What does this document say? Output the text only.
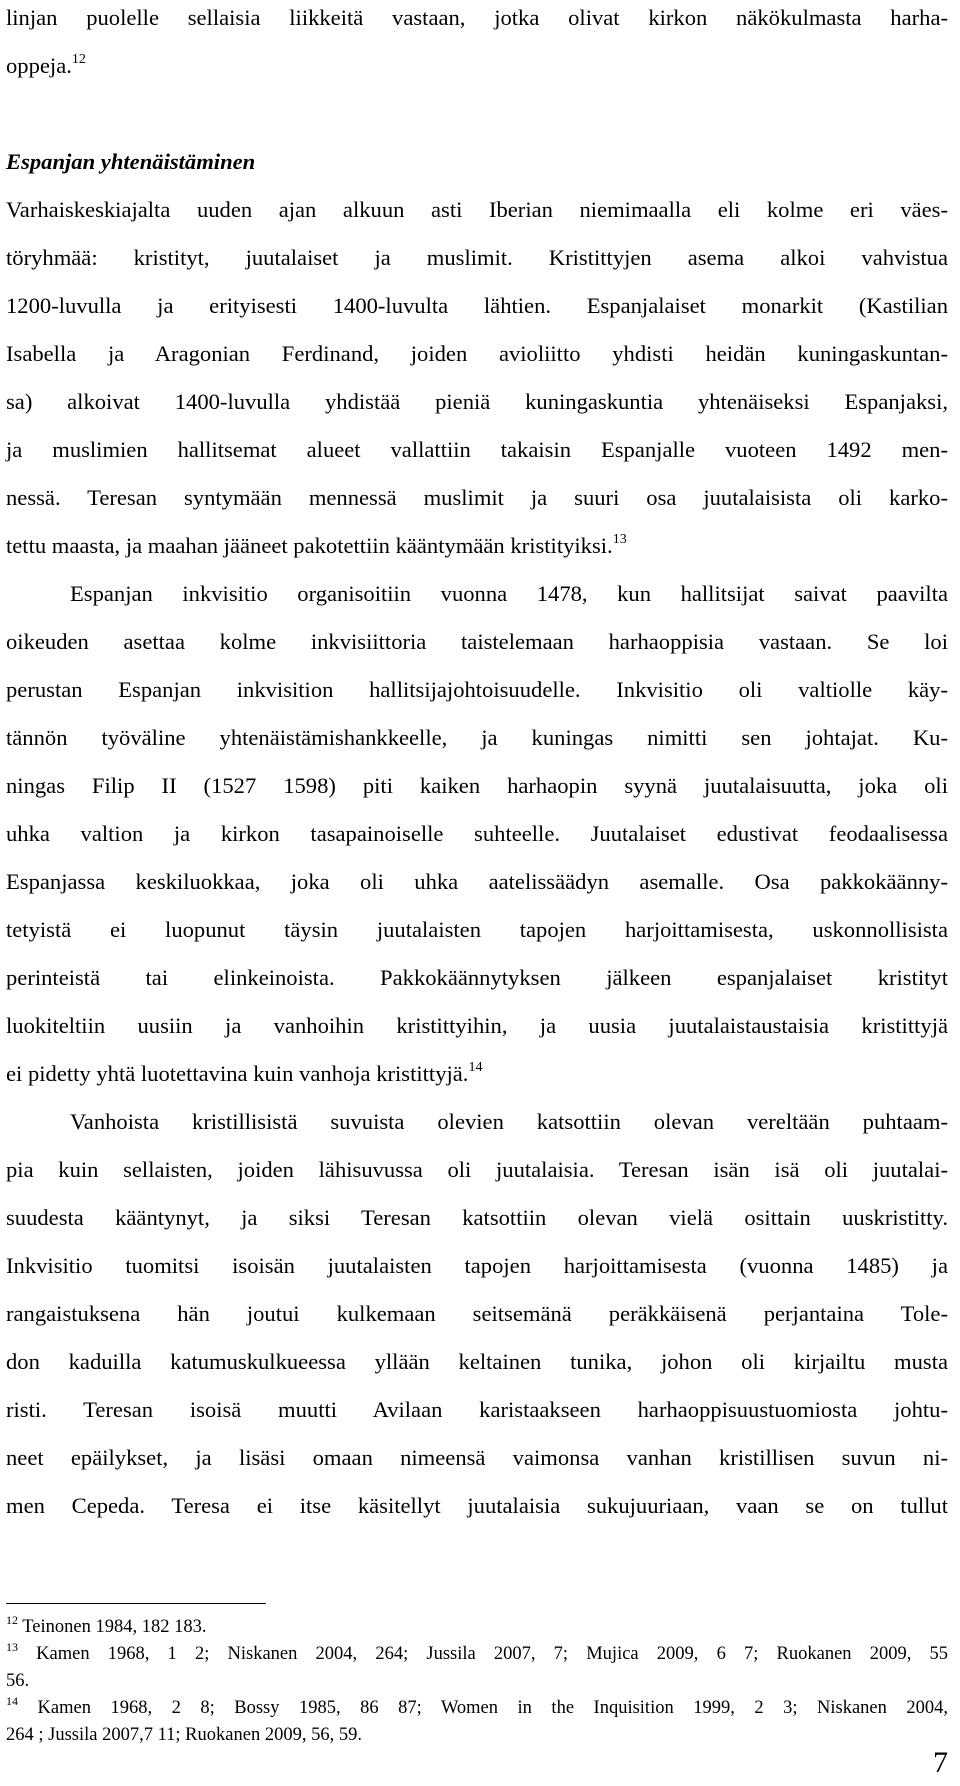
linjan puolelle sellaisia liikkeitä vastaan, jotka olivat kirkon näkökulmasta harha-
oppeja.$^{12}$
Espanjan yhtenäistäminen
Varhaiskeskiajalta uuden ajan alkuun asti Iberian niemimaalla eli kolme eri väes-
töryhmää: kristityt, juutalaiset ja muslimit. Kristittyjen asema alkoi vahvistua
1200-luvulla ja erityisesti 1400-luvulta lähtien. Espanjalaiset monarkit (Kastilian
Isabella ja Aragonian Ferdinand, joiden avioliitto yhdisti heidän kuningaskuntan-
sa) alkoivat 1400-luvulla yhdistää pieniä kuningaskuntia yhtenäiseksi Espanjaksi,
ja muslimien hallitsemat alueet vallattiin takaisin Espanjalle vuoteen 1492 men-
nessä. Teresan syntymään mennessä muslimit ja suuri osa juutalaisista oli karko-
tettu maasta, ja maahan jääneet pakotettiin kääntymään kristityiksi.$^{13}$
Espanjan inkvisitio organisoitiin vuonna 1478, kun hallitsijat saivat paavilta
oikeuden asettaa kolme inkvisiittoria taistelemaan harhaoppisia vastaan. Se loi
perustan Espanjan inkvisition hallitsijajohtoisuudelle. Inkvisitio oli valtiolle käy-
tännön työväline yhtenäistämishankkeelle, ja kuningas nimitti sen johtajat. Ku-
ningas Filip II (1527 1598) piti kaiken harhaopin syynä juutalaisuutta, joka oli
uhka valtion ja kirkon tasapainoiselle suhteelle. Juutalaiset edustivat feodaalisessa
Espanjassa keskiluokkaa, joka oli uhka aatelissäädyn asemalle. Osa pakkokäänny-
tetyistä ei luopunut täysin juutalaisten tapojen harjoittamisesta, uskonnollisista
perinteistä tai elinkeinoista. Pakkokäännytyksen jälkeen espanjalaiset kristityt
luokiteltiin uusiin ja vanhoihin kristittyihin, ja uusia juutalaistaustaisia kristittyjä
ei pidetty yhtä luotettavina kuin vanhoja kristittyjä.$^{14}$
Vanhoista kristillisistä suvuista olevien katsottiin olevan vereltään puhtaam-
pia kuin sellaisten, joiden lähisuvussa oli juutalaisia. Teresan isän isä oli juutalai-
suudesta kääntynyt, ja siksi Teresan katsottiin olevan vielä osittain uuskristitty.
Inkvisitio tuomitsi isoisän juutalaisten tapojen harjoittamisesta (vuonna 1485) ja
rangaistuksena hän joutui kulkemaan seitsemänä peräkkäisenä perjantaina Tole-
don kaduilla katumuskulkueessa yllään keltainen tunika, johon oli kirjailtu musta
risti. Teresan isoisä muutti Avilaan karistaakseen harhaoppisuustuomiosta johtu-
neet epäilykset, ja lisäsi omaan nimeensä vaimonsa vanhan kristillisen suvun ni-
men Cepeda. Teresa ei itse käsitellyt juutalaisia sukujuuriaan, vaan se on tullut
$^{12}$ Teinonen 1984, 182 183.
$^{13}$ Kamen 1968, 1 2; Niskanen 2004, 264; Jussila 2007, 7; Mujica 2009, 6 7; Ruokanen 2009, 55
56.
$^{14}$ Kamen 1968, 2 8; Bossy 1985, 86 87; Women in the Inquisition 1999, 2 3; Niskanen 2004,
264 ; Jussila 2007,7 11; Ruokanen 2009, 56, 59.
7
